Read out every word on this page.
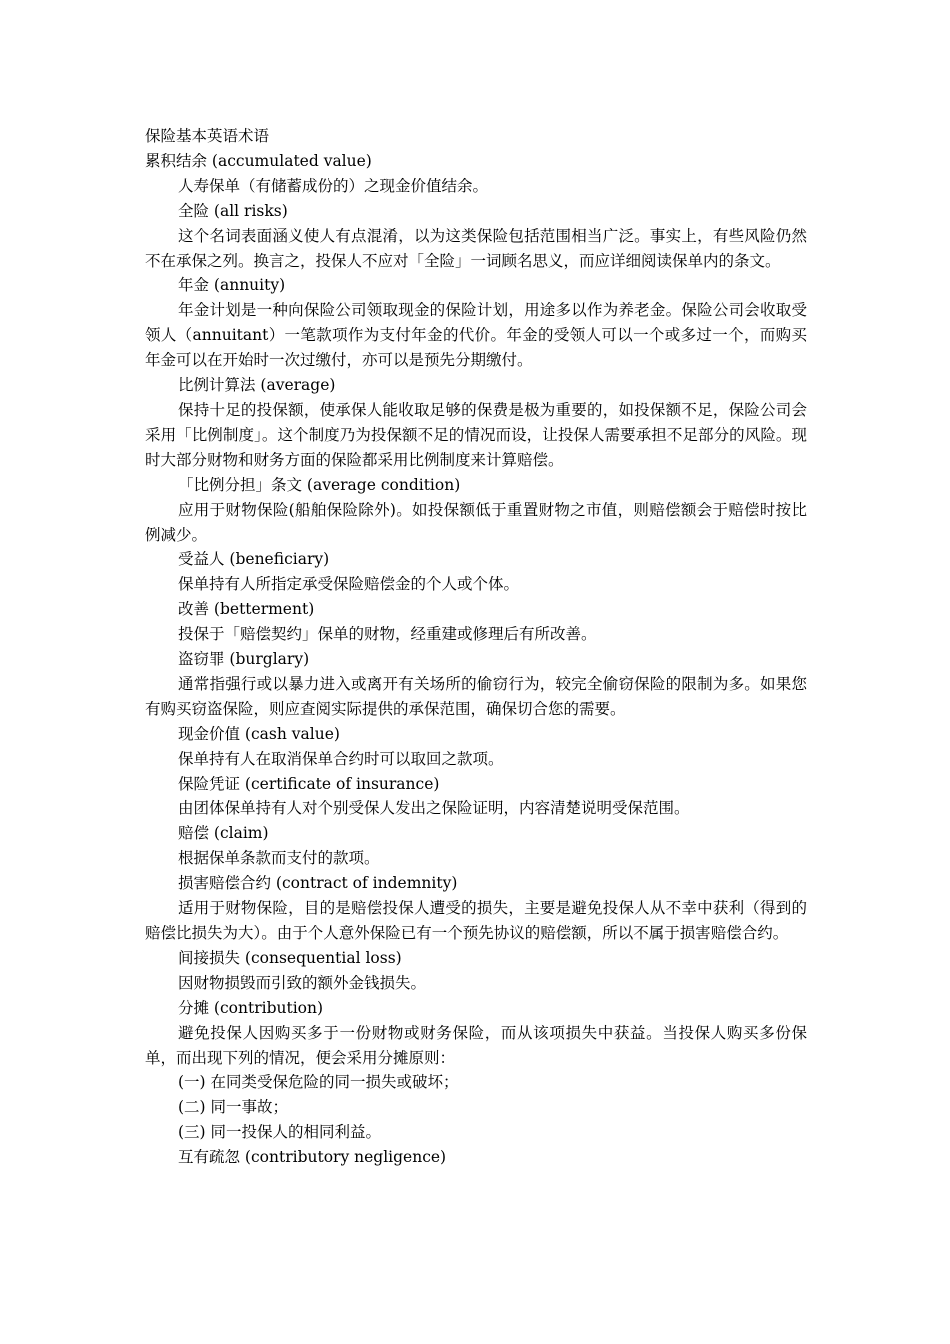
保险基本英语术语

累积结余 (accumulated value)

人寿保单（有储蓄成份的）之现金价值结余。

全险 (all risks)

这个名词表面涵义使人有点混淆，以为这类保险包括范围相当广泛。事实上，有些风险仍然不在承保之列。换言之，投保人不应对「全险」一词顾名思义，而应详细阅读保单内的条文。

年金 (annuity)

年金计划是一种向保险公司领取现金的保险计划，用途多以作为养老金。保险公司会收取受领人（annuitant）一笔款项作为支付年金的代价。年金的受领人可以一个或多过一个，而购买年金可以在开始时一次过缴付，亦可以是预先分期缴付。

比例计算法 (average)

保持十足的投保额，使承保人能收取足够的保费是极为重要的，如投保额不足，保险公司会采用「比例制度」。这个制度乃为投保额不足的情况而设，让投保人需要承担不足部分的风险。现时大部分财物和财务方面的保险都采用比例制度来计算赔偿。

「比例分担」条文 (average condition)

应用于财物保险(船舶保险除外)。如投保额低于重置财物之市值，则赔偿额会于赔偿时按比例减少。

受益人 (beneficiary)

保单持有人所指定承受保险赔偿金的个人或个体。

改善 (betterment)

投保于「赔偿契约」保单的财物，经重建或修理后有所改善。

盗窃罪 (burglary)

通常指强行或以暴力进入或离开有关场所的偷窃行为，较完全偷窃保险的限制为多。如果您有购买窃盗保险，则应查阅实际提供的承保范围，确保切合您的需要。

现金价值 (cash value)

保单持有人在取消保单合约时可以取回之款项。

保险凭证 (certificate of insurance)

由团体保单持有人对个别受保人发出之保险证明，内容清楚说明受保范围。

赔偿 (claim)

根据保单条款而支付的款项。

损害赔偿合约 (contract of indemnity)

适用于财物保险，目的是赔偿投保人遭受的损失，主要是避免投保人从不幸中获利（得到的赔偿比损失为大）。由于个人意外保险已有一个预先协议的赔偿额，所以不属于损害赔偿合约。

间接损失 (consequential loss)

因财物损毁而引致的额外金钱损失。

分摊 (contribution)

避免投保人因购买多于一份财物或财务保险，而从该项损失中获益。当投保人购买多份保单，而出现下列的情况，便会采用分摊原则：

(一) 在同类受保危险的同一损失或破坏；

(二) 同一事故；

(三) 同一投保人的相同利益。

互有疏忽 (contributory negligence)
